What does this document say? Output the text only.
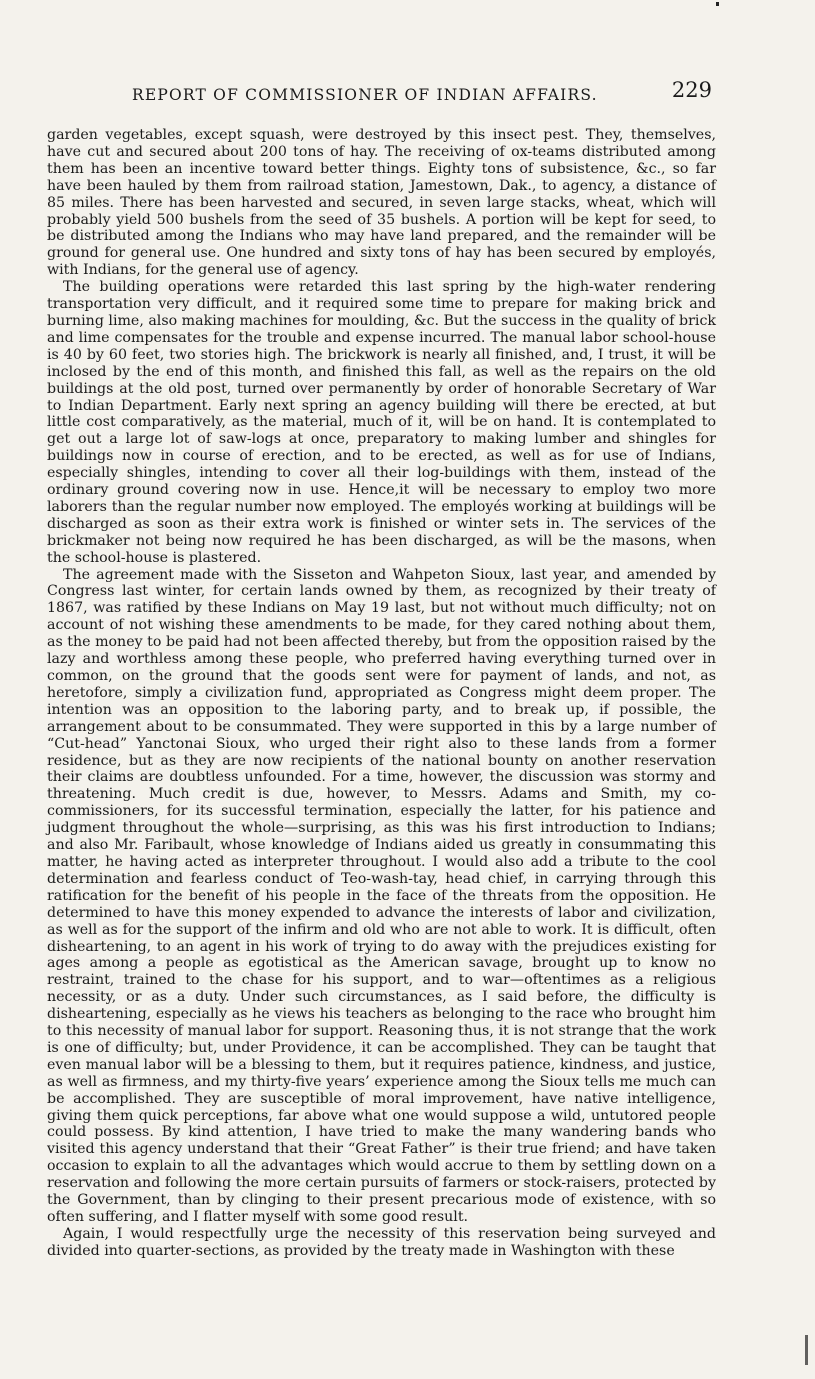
REPORT OF COMMISSIONER OF INDIAN AFFAIRS.	229

garden vegetables, except squash, were destroyed by this insect pest. They, themselves, have cut and secured about 200 tons of hay. The receiving of ox-teams distributed among them has been an incentive toward better things. Eighty tons of subsistence, &c., so far have been hauled by them from railroad station, Jamestown, Dak., to agency, a distance of 85 miles. There has been harvested and secured, in seven large stacks, wheat, which will probably yield 500 bushels from the seed of 35 bushels. A portion will be kept for seed, to be distributed among the Indians who may have land prepared, and the remainder will be ground for general use. One hundred and sixty tons of hay has been secured by employés, with Indians, for the general use of agency.

The building operations were retarded this last spring by the high-water rendering transportation very difficult, and it required some time to prepare for making brick and burning lime, also making machines for moulding, &c. But the success in the quality of brick and lime compensates for the trouble and expense incurred. The manual labor school-house is 40 by 60 feet, two stories high. The brickwork is nearly all finished, and, I trust, it will be inclosed by the end of this month, and finished this fall, as well as the repairs on the old buildings at the old post, turned over permanently by order of honorable Secretary of War to Indian Department. Early next spring an agency building will there be erected, at but little cost comparatively, as the material, much of it, will be on hand. It is contemplated to get out a large lot of saw-logs at once, preparatory to making lumber and shingles for buildings now in course of erection, and to be erected, as well as for use of Indians, especially shingles, intending to cover all their log-buildings with them, instead of the ordinary ground covering now in use. Hence,it will be necessary to employ two more laborers than the regular number now employed. The employés working at buildings will be discharged as soon as their extra work is finished or winter sets in. The services of the brickmaker not being now required he has been discharged, as will be the masons, when the school-house is plastered.

The agreement made with the Sisseton and Wahpeton Sioux, last year, and amended by Congress last winter, for certain lands owned by them, as recognized by their treaty of 1867, was ratified by these Indians on May 19 last, but not without much difficulty; not on account of not wishing these amendments to be made, for they cared nothing about them, as the money to be paid had not been affected thereby, but from the opposition raised by the lazy and worthless among these people, who preferred having everything turned over in common, on the ground that the goods sent were for payment of lands, and not, as heretofore, simply a civilization fund, appropriated as Congress might deem proper. The intention was an opposition to the laboring party, and to break up, if possible, the arrangement about to be consummated. They were supported in this by a large number of “Cut-head” Yanctonai Sioux, who urged their right also to these lands from a former residence, but as they are now recipients of the national bounty on another reservation their claims are doubtless unfounded. For a time, however, the discussion was stormy and threatening. Much credit is due, however, to Messrs. Adams and Smith, my co-commissioners, for its successful termination, especially the latter, for his patience and judgment throughout the whole—surprising, as this was his first introduction to Indians; and also Mr. Faribault, whose knowledge of Indians aided us greatly in consummating this matter, he having acted as interpreter throughout. I would also add a tribute to the cool determination and fearless conduct of Teo-wash-tay, head chief, in carrying through this ratification for the benefit of his people in the face of the threats from the opposition. He determined to have this money expended to advance the interests of labor and civilization, as well as for the support of the infirm and old who are not able to work. It is difficult, often disheartening, to an agent in his work of trying to do away with the prejudices existing for ages among a people as egotistical as the American savage, brought up to know no restraint, trained to the chase for his support, and to war—oftentimes as a religious necessity, or as a duty. Under such circumstances, as I said before, the difficulty is disheartening, especially as he views his teachers as belonging to the race who brought him to this necessity of manual labor for support. Reasoning thus, it is not strange that the work is one of difficulty; but, under Providence, it can be accomplished. They can be taught that even manual labor will be a blessing to them, but it requires patience, kindness, and justice, as well as firmness, and my thirty-five years’ experience among the Sioux tells me much can be accomplished. They are susceptible of moral improvement, have native intelligence, giving them quick perceptions, far above what one would suppose a wild, untutored people could possess. By kind attention, I have tried to make the many wandering bands who visited this agency understand that their “Great Father” is their true friend; and have taken occasion to explain to all the advantages which would accrue to them by settling down on a reservation and following the more certain pursuits of farmers or stock-raisers, protected by the Government, than by clinging to their present precarious mode of existence, with so often suffering, and I flatter myself with some good result.

Again, I would respectfully urge the necessity of this reservation being surveyed and divided into quarter-sections, as provided by the treaty made in Washington with these
